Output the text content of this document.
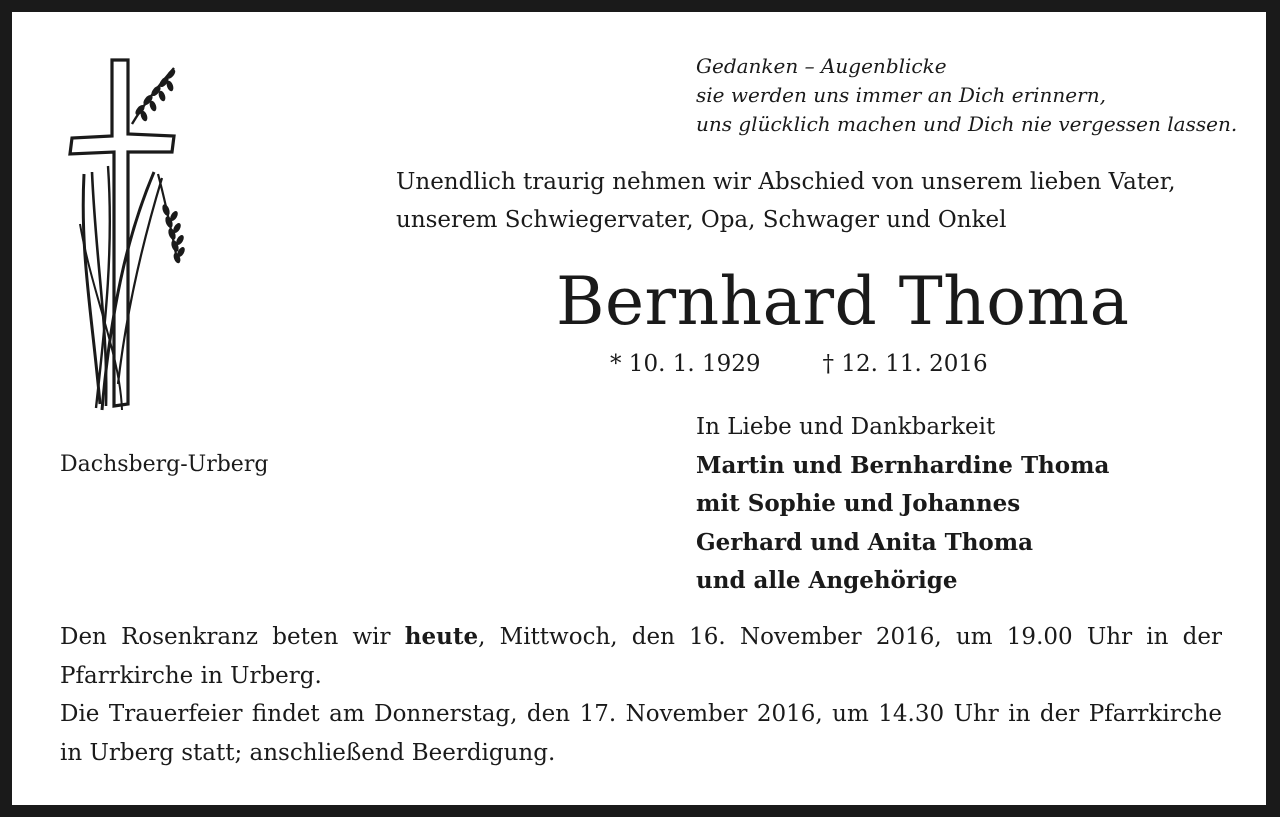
Gedanken – Augenblicke
sie werden uns immer an Dich erinnern,
uns glücklich machen und Dich nie vergessen lassen.
Unendlich traurig nehmen wir Abschied von unserem lieben Vater,
unserem Schwiegervater, Opa, Schwager und Onkel
Bernhard Thoma
* 10. 1. 1929	† 12. 11. 2016
Dachsberg-Urberg
In Liebe und Dankbarkeit
Martin und Bernhardine Thoma
mit Sophie und Johannes
Gerhard und Anita Thoma
und alle Angehörige
Den Rosenkranz beten wir heute, Mittwoch, den 16. November 2016, um 19.00 Uhr in der
Pfarrkirche in Urberg.
Die Trauerfeier findet am Donnerstag, den 17. November 2016, um 14.30 Uhr in der Pfarrkirche
in Urberg statt; anschließend Beerdigung.
